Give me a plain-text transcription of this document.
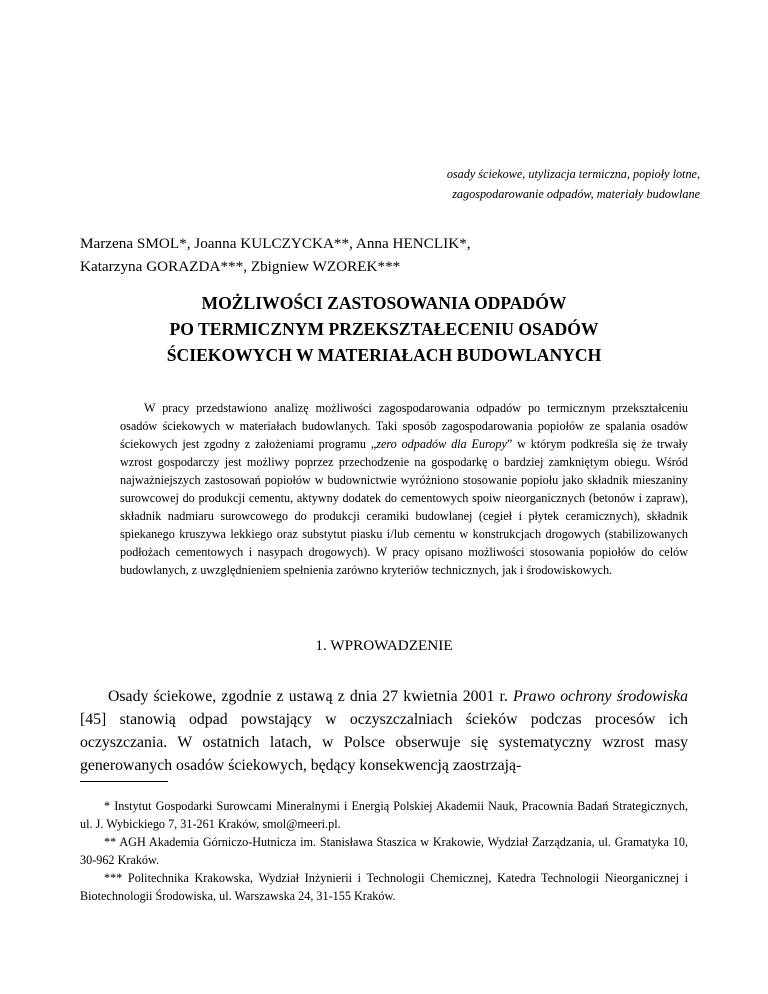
osady ściekowe, utylizacja termiczna, popioły lotne,
zagospodarowanie odpadów, materiały budowlane
Marzena SMOL*, Joanna KULCZYCKA**, Anna HENCLIK*,
Katarzyna GORAZDA***, Zbigniew WZOREK***
MOŻLIWOŚCI ZASTOSOWANIA ODPADÓW
PO TERMICZNYM PRZEKSZTAŁECENIU OSADÓW
ŚCIEKOWYCH W MATERIAŁACH BUDOWLANYCH

W pracy przedstawiono analizę możliwości zagospodarowania odpadów po termicznym przekształceniu osadów ściekowych w materiałach budowlanych. Taki sposób zagospodarowania popiołów ze spalania osadów ściekowych jest zgodny z założeniami programu „zero odpadów dla Europy” w którym podkreśla się że trwały wzrost gospodarczy jest możliwy poprzez przechodzenie na gospodarkę o bardziej zamkniętym obiegu. Wśród najważniejszych zastosowań popiołów w budownictwie wyróżniono stosowanie popiołu jako składnik mieszaniny surowcowej do produkcji cementu, aktywny dodatek do cementowych spoiw nieorganicznych (betonów i zapraw), składnik nadmiaru surowcowego do produkcji ceramiki budowlanej (cegieł i płytek ceramicznych), składnik spiekanego kruszywa lekkiego oraz substytut piasku i/lub cementu w konstrukcjach drogowych (stabilizowanych podłożach cementowych i nasypach drogowych). W pracy opisano możliwości stosowania popiołów do celów budowlanych, z uwzględnieniem spełnienia zarówno kryteriów technicznych, jak i środowiskowych.

1. WPROWADZENIE

Osady ściekowe, zgodnie z ustawą z dnia 27 kwietnia 2001 r. Prawo ochrony środowiska [45] stanowią odpad powstający w oczyszczalniach ścieków podczas procesów ich oczyszczania. W ostatnich latach, w Polsce obserwuje się systematyczny wzrost masy generowanych osadów ściekowych, będący konsekwencją zaostrzają-

* Instytut Gospodarki Surowcami Mineralnymi i Energią Polskiej Akademii Nauk, Pracownia Badań Strategicznych, ul. J. Wybickiego 7, 31-261 Kraków, smol@meeri.pl.

** AGH Akademia Górniczo-Hutnicza im. Stanisława Staszica w Krakowie, Wydział Zarządzania, ul. Gramatyka 10, 30-962 Kraków.

*** Politechnika Krakowska, Wydział Inżynierii i Technologii Chemicznej, Katedra Technologii Nieorganicznej i Biotechnologii Środowiska, ul. Warszawska 24, 31-155 Kraków.
